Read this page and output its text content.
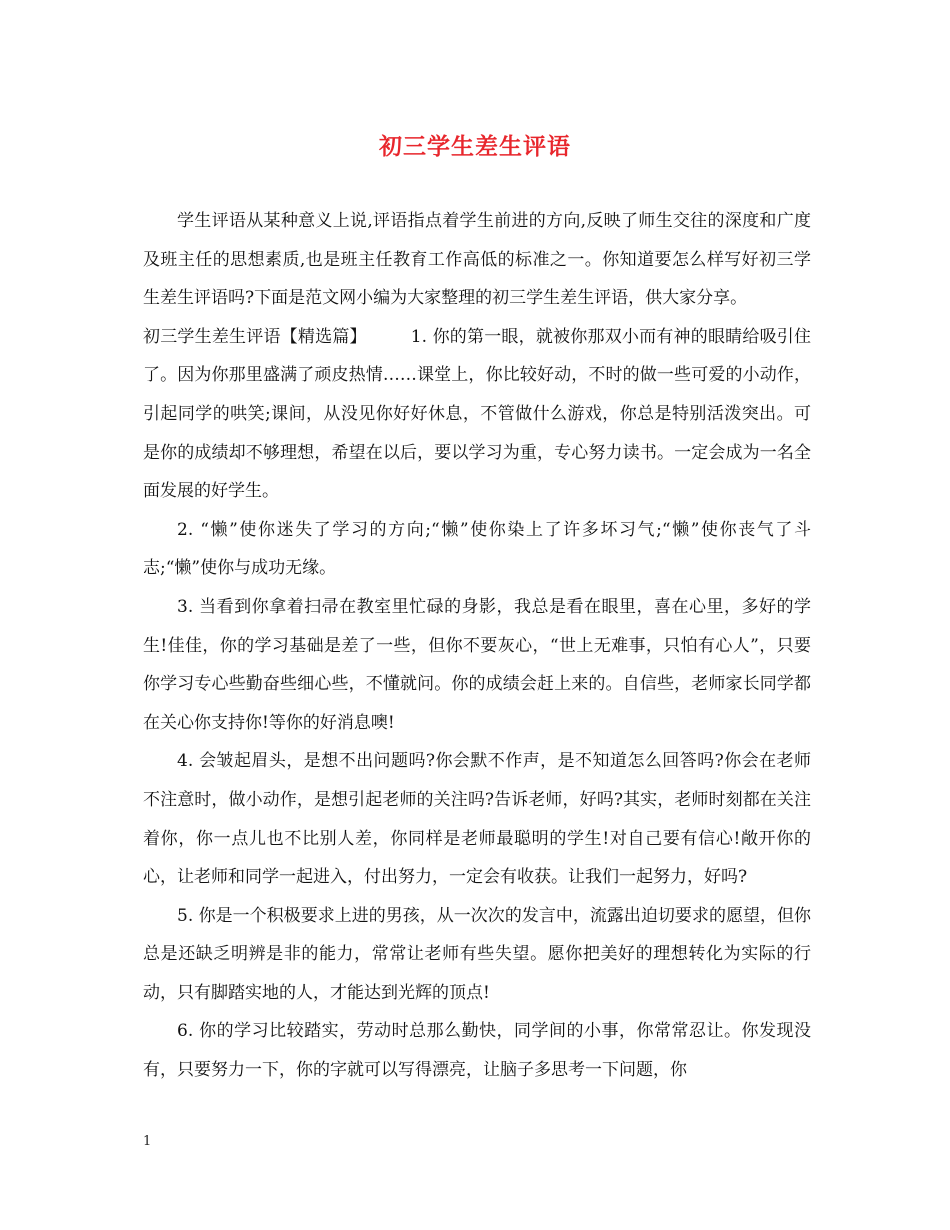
初三学生差生评语

学生评语从某种意义上说,评语指点着学生前进的方向,反映了师生交往的深度和广度及班主任的思想素质,也是班主任教育工作高低的标准之一。你知道要怎么样写好初三学生差生评语吗?下面是范文网小编为大家整理的初三学生差生评语，供大家分享。

初三学生差生评语【精选篇】	1. 你的第一眼，就被你那双小而有神的眼睛给吸引住了。因为你那里盛满了顽皮热情……课堂上，你比较好动，不时的做一些可爱的小动作，引起同学的哄笑;课间，从没见你好好休息，不管做什么游戏，你总是特别活泼突出。可是你的成绩却不够理想，希望在以后，要以学习为重，专心努力读书。一定会成为一名全面发展的好学生。

2. “懒”使你迷失了学习的方向;“懒”使你染上了许多坏习气;“懒”使你丧气了斗志;“懒”使你与成功无缘。

3. 当看到你拿着扫帚在教室里忙碌的身影，我总是看在眼里，喜在心里，多好的学生!佳佳，你的学习基础是差了一些，但你不要灰心，“世上无难事，只怕有心人”，只要你学习专心些勤奋些细心些，不懂就问。你的成绩会赶上来的。自信些，老师家长同学都在关心你支持你!等你的好消息噢!

4. 会皱起眉头，是想不出问题吗?你会默不作声，是不知道怎么回答吗?你会在老师不注意时，做小动作，是想引起老师的关注吗?告诉老师，好吗?其实，老师时刻都在关注着你，你一点儿也不比别人差，你同样是老师最聪明的学生!对自己要有信心!敞开你的心，让老师和同学一起进入，付出努力，一定会有收获。让我们一起努力，好吗?

5. 你是一个积极要求上进的男孩，从一次次的发言中，流露出迫切要求的愿望，但你总是还缺乏明辨是非的能力，常常让老师有些失望。愿你把美好的理想转化为实际的行动，只有脚踏实地的人，才能达到光辉的顶点!

6. 你的学习比较踏实，劳动时总那么勤快，同学间的小事，你常常忍让。你发现没有，只要努力一下，你的字就可以写得漂亮，让脑子多思考一下问题，你

1
